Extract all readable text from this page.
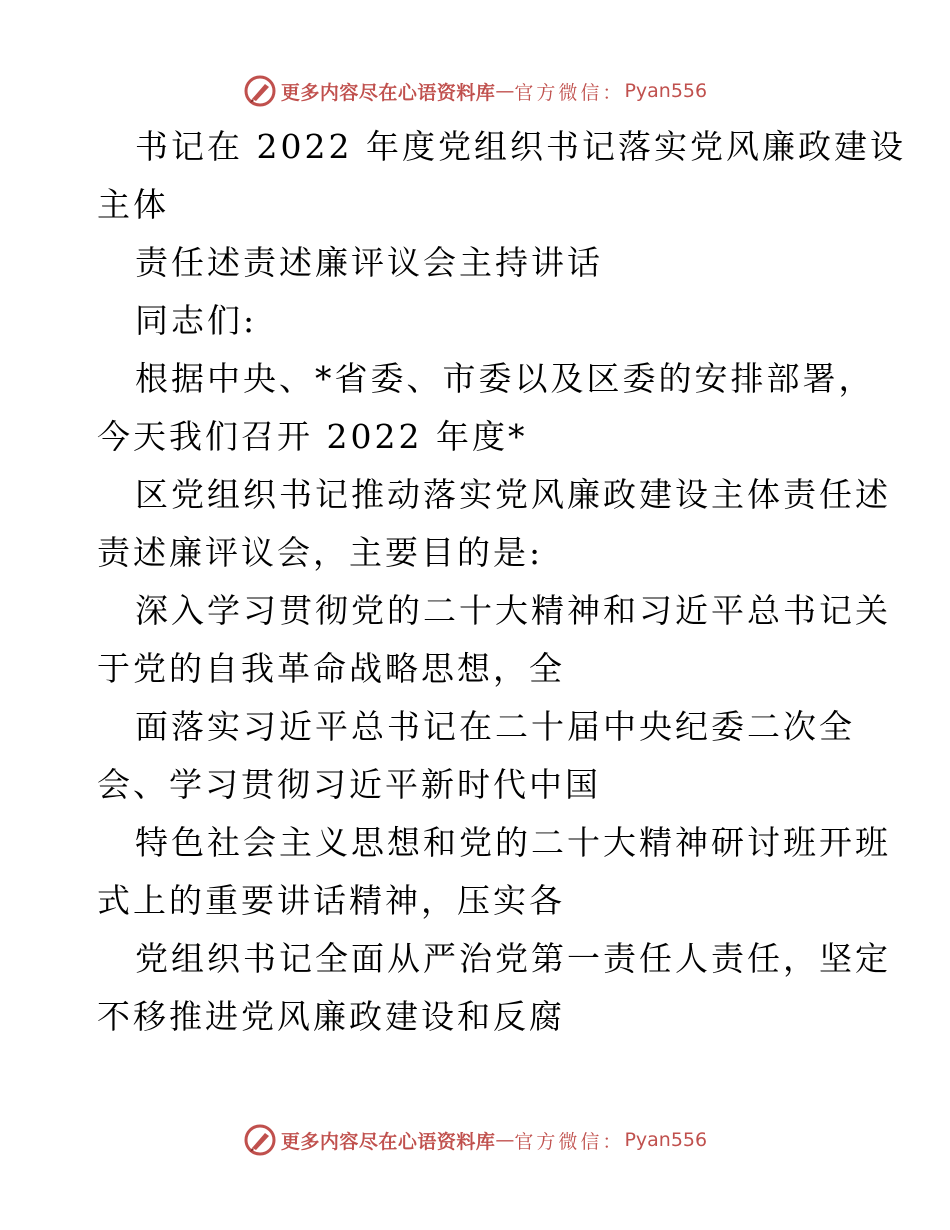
更多内容尽在心语资料库 — 官方微信： Pyan556
书记在 2022 年度党组织书记落实党风廉政建设
主体
责任述责述廉评议会主持讲话
同志们:
根据中央、*省委、市委以及区委的安排部署，
今天我们召开 2022 年度*
区党组织书记推动落实党风廉政建设主体责任述
责述廉评议会，主要目的是:
深入学习贯彻党的二十大精神和习近平总书记关
于党的自我革命战略思想，全
面落实习近平总书记在二十届中央纪委二次全
会、学习贯彻习近平新时代中国
特色社会主义思想和党的二十大精神研讨班开班
式上的重要讲话精神，压实各
党组织书记全面从严治党第一责任人责任，坚定
不移推进党风廉政建设和反腐
更多内容尽在心语资料库 — 官方微信： Pyan556
